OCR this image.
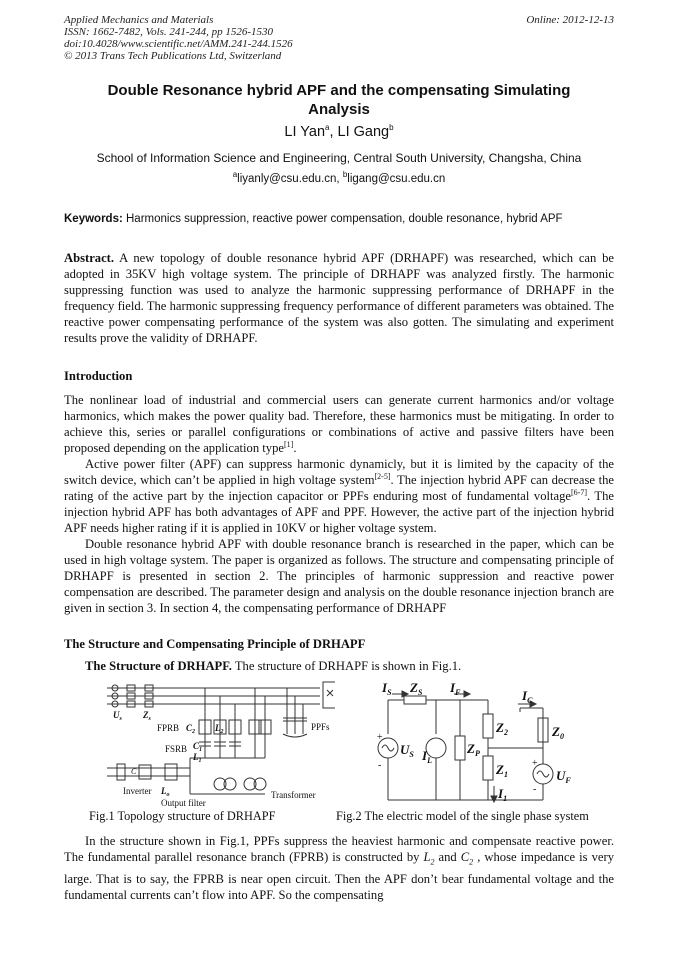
Applied Mechanics and Materials
ISSN: 1662-7482, Vols. 241-244, pp 1526-1530
doi:10.4028/www.scientific.net/AMM.241-244.1526
© 2013 Trans Tech Publications Ltd, Switzerland
Online: 2012-12-13
Double Resonance hybrid APF and the compensating Simulating
Analysis
LI Yan$^a$, LI Gang$^b$
School of Information Science and Engineering, Central South University, Changsha, China
$^a$liyanly@csu.edu.cn, $^b$ligang@csu.edu.cn
Keywords: Harmonics suppression, reactive power compensation, double resonance, hybrid APF
Abstract. A new topology of double resonance hybrid APF (DRHAPF) was researched, which can be adopted in 35KV high voltage system. The principle of DRHAPF was analyzed firstly. The harmonic suppressing function was used to analyze the harmonic suppressing performance of DRHAPF in the frequency field. The harmonic suppressing frequency performance of different parameters was obtained. The reactive power compensating performance of the system was also gotten. The simulating and experiment results prove the validity of DRHAPF.
Introduction

The nonlinear load of industrial and commercial users can generate current harmonics and/or voltage harmonics, which makes the power quality bad. Therefore, these harmonics must be mitigating. In order to achieve this, series or parallel configurations or combinations of active and passive filters have been proposed depending on the application type[1].

Active power filter (APF) can suppress harmonic dynamicly, but it is limited by the capacity of the switch device, which can’t be applied in high voltage system[2-5]. The injection hybrid APF can decrease the rating of the active part by the injection capacitor or PPFs enduring most of fundamental voltage[6-7]. The injection hybrid APF has both advantages of APF and PPF. However, the active part of the injection hybrid APF needs higher rating if it is applied in 10KV or higher voltage system.

Double resonance hybrid APF with double resonance branch is researched in the paper, which can be used in high voltage system. The paper is organized as follows. The structure and compensating principle of DRHAPF is presented in section 2. The principles of harmonic suppression and reactive power compensation are described. The parameter design and analysis on the double resonance injection branch are given in section 3. In section 4, the compensating performance of DRHAPF

The Structure and Compensating Principle of DRHAPF
The Structure of DRHAPF. The structure of DRHAPF is shown in Fig.1.
$U_s$ $Z_s$
FPRB $C_2$ $L_2$
FSRB $C_1$
$L_1$
PPFs
C
Inverter $L_o$
Output filter
Transformer
$I_S$ $Z_S$ $I_F$	$I_C$
$U_S$ $I_L$
$Z_P$
$Z_2$	$Z_0$
$Z_1$
$I_1$
$U_F$
+
-	+
-
Fig.1 Topology structure of DRHAPF	Fig.2 The electric model of the single phase system
In the structure shown in Fig.1, PPFs suppress the heaviest harmonic and compensate reactive power. The fundamental parallel resonance branch (FPRB) is constructed by $L_2$ and $C_2$ , whose impedance is very large. That is to say, the FPRB is near open circuit. Then the APF don’t bear fundamental voltage and the fundamental currents can’t flow into APF. So the compensating
